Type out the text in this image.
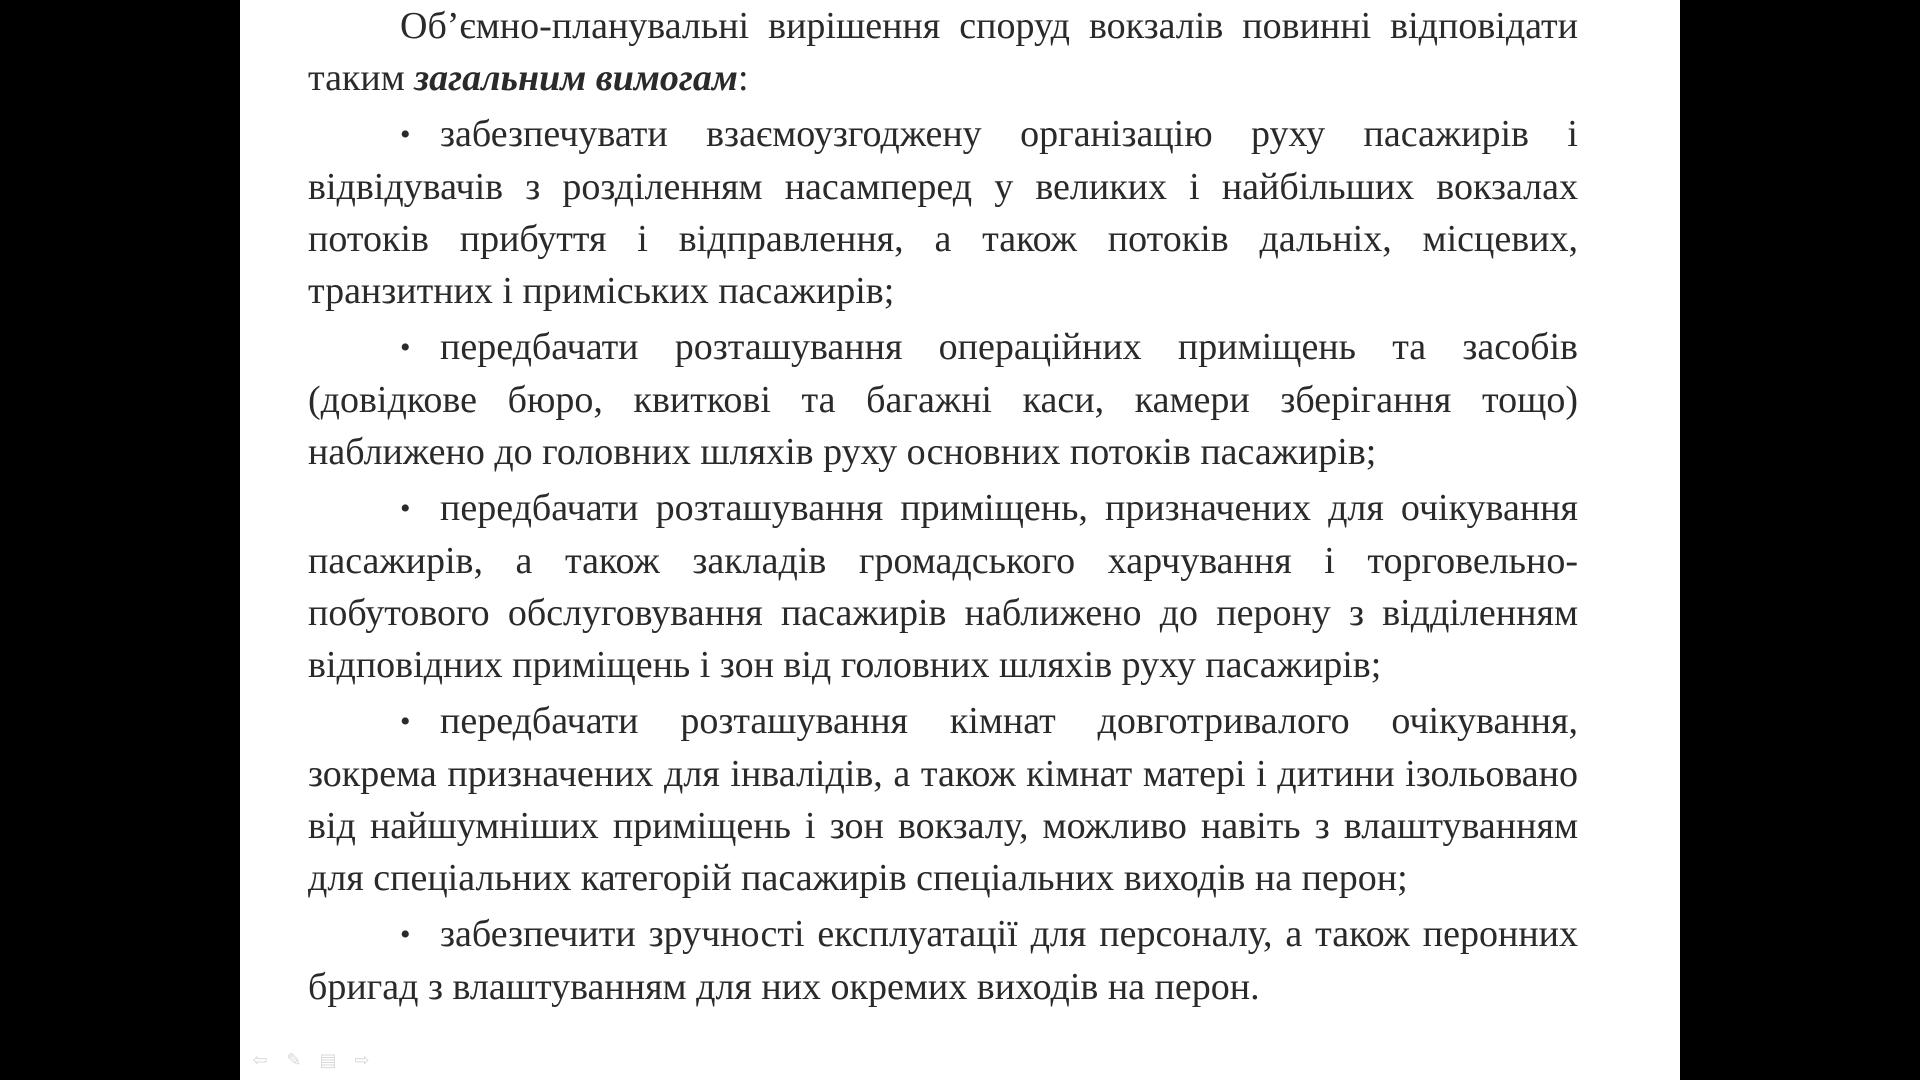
Об’ємно-планувальні вирішення споруд вокзалів повинні відповідати таким загальним вимогам:

• забезпечувати взаємоузгоджену організацію руху пасажирів і відвідувачів з розділенням насамперед у великих і найбільших вокзалах потоків прибуття і відправлення, а також потоків дальніх, місцевих, транзитних і приміських пасажирів;

• передбачати розташування операційних приміщень та засобів (довідкове бюро, квиткові та багажні каси, камери зберігання тощо) наближено до головних шляхів руху основних потоків пасажирів;

• передбачати розташування приміщень, призначених для очікування пасажирів, а також закладів громадського харчування і торговельно-побутового обслуговування пасажирів наближено до перону з відділенням відповідних приміщень і зон від головних шляхів руху пасажирів;

• передбачати розташування кімнат довготривалого очікування, зокрема призначених для інвалідів, а також кімнат матері і дитини ізольовано від найшумніших приміщень і зон вокзалу, можливо навіть з влаштуванням для спеціальних категорій пасажирів спеціальних виходів на перон;

• забезпечити зручності експлуатації для персоналу, а також перонних бригад з влаштуванням для них окремих виходів на перон.

⇦	✎ ▤ ⇨
